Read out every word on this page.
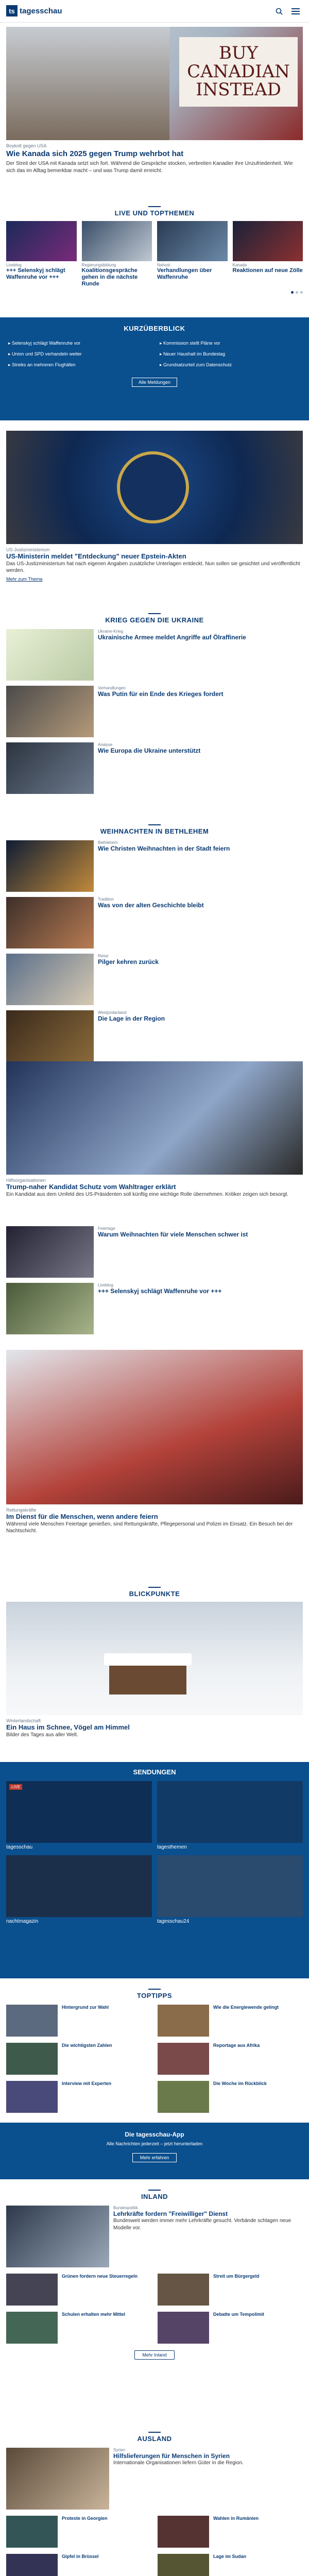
ts tagesschau
BUY CANADIAN INSTEAD
Boykott gegen USA
Wie Kanada sich 2025 gegen Trump wehrbot hat
Der Streit der USA mit Kanada setzt sich fort. Während die Gespräche stocken, verbreiten Kanadier ihre Unzufriedenheit. Wie sich das im Alltag bemerkbar macht – und was Trump damit erreicht.
LIVE UND TOPTHEMEN
Liveblog
+++ Selenskyj schlägt Waffenruhe vor +++
Regierungsbildung
Koalitionsgespräche gehen in die nächste Runde
Nahost
Verhandlungen über Waffenruhe
Kanada
Reaktionen auf neue Zölle
KURZÜBERBLICK
▸ Selenskyj schlägt Waffenruhe vor	▸ Kommission stellt Pläne vor
▸ Union und SPD verhandeln weiter	▸ Neuer Haushalt im Bundestag
▸ Streiks an mehreren Flughäfen	▸ Grundsatzurteil zum Datenschutz
Alle Meldungen
US-Justizministerium
US-Ministerin meldet "Entdeckung" neuer Epstein-Akten
Das US-Justizministerium hat nach eigenen Angaben zusätzliche Unterlagen entdeckt. Nun sollen sie gesichtet und veröffentlicht werden.
Mehr zum Thema
KRIEG GEGEN DIE UKRAINE
Ukraine-Krieg
Ukrainische Armee meldet Angriffe auf Ölraffinerie
Verhandlungen
Was Putin für ein Ende des Krieges fordert
Analyse
Wie Europa die Ukraine unterstützt
WEIHNACHTEN IN BETHLEHEM
Bethlehem
Wie Christen Weihnachten in der Stadt feiern
Tradition
Was von der alten Geschichte bleibt
Reise
Pilger kehren zurück
Westjordanland
Die Lage in der Region
Hilfsorganisationen
Trump-naher Kandidat Schutz vom Wahltrager erklärt
Ein Kandidat aus dem Umfeld des US-Präsidenten soll künftig eine wichtige Rolle übernehmen. Kritiker zeigen sich besorgt.
Feiertage
Warum Weihnachten für viele Menschen schwer ist
Liveblog
+++ Selenskyj schlägt Waffenruhe vor +++
Rettungskräfte
Im Dienst für die Menschen, wenn andere feiern
Während viele Menschen Feiertage genießen, sind Rettungskräfte, Pflegepersonal und Polizei im Einsatz. Ein Besuch bei der Nachtschicht.
BLICKPUNKTE
Winterlandschaft
Ein Haus im Schnee, Vögel am Himmel
Bilder des Tages aus aller Welt.
SENDUNGEN
LIVE
tagesschau	tagesthemen
nachtmagazin	tagesschau24
TOPTIPPS
Hintergrund zur Wahl	Wie die Energiewende gelingt
Die wichtigsten Zahlen	Reportage aus Afrika
Interview mit Experten	Die Woche im Rückblick
Die tagesschau-App
Alle Nachrichten jederzeit – jetzt herunterladen
Mehr erfahren
INLAND
Bundespolitik
Lehrkräfte fordern "Freiwilliger" Dienst
Bundesweit werden immer mehr Lehrkräfte gesucht. Verbände schlagen neue Modelle vor.
Grünen fordern neue Steuerregeln	Streit um Bürgergeld
Schulen erhalten mehr Mittel	Debatte um Tempolimit
Mehr Inland
AUSLAND
Syrien
Hilfslieferungen für Menschen in Syrien
Internationale Organisationen liefern Güter in die Region.
Proteste in Georgien	Wahlen in Rumänien
Gipfel in Brüssel	Lage im Sudan
